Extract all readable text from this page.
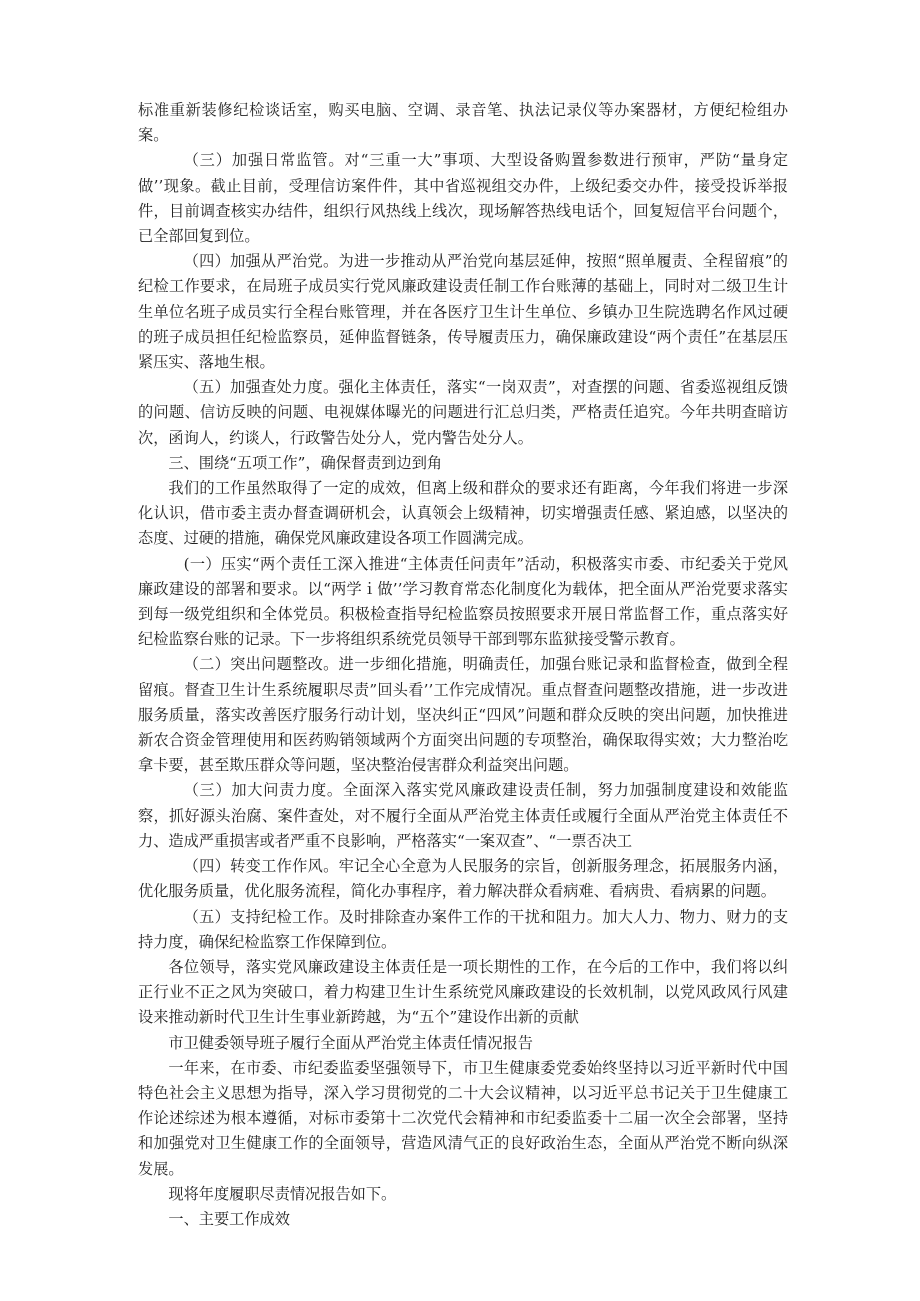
标准重新装修纪检谈话室，购买电脑、空调、录音笔、执法记录仪等办案器材，方便纪检组办案。

（三）加强日常监管。对“三重一大”事项、大型设备购置参数进行预审，严防“量身定做’’现象。截止目前，受理信访案件件，其中省巡视组交办件，上级纪委交办件，接受投诉举报件，目前调查核实办结件，组织行风热线上线次，现场解答热线电话个，回复短信平台问题个，已全部回复到位。

（四）加强从严治党。为进一步推动从严治党向基层延伸，按照“照单履责、全程留痕”的纪检工作要求，在局班子成员实行党风廉政建设责任制工作台账薄的基础上，同时对二级卫生计生单位名班子成员实行全程台账管理，并在各医疗卫生计生单位、乡镇办卫生院选聘名作风过硬的班子成员担任纪检监察员，延伸监督链条，传导履责压力，确保廉政建设“两个责任”在基层压紧压实、落地生根。

（五）加强查处力度。强化主体责任，落实“一岗双责”，对查摆的问题、省委巡视组反馈的问题、信访反映的问题、电视媒体曝光的问题进行汇总归类，严格责任追究。今年共明查暗访次，函询人，约谈人，行政警告处分人，党内警告处分人。

三、围绕“五项工作”，确保督责到边到角

我们的工作虽然取得了一定的成效，但离上级和群众的要求还有距离，今年我们将进一步深化认识，借市委主责办督查调研机会，认真领会上级精神，切实增强责任感、紧迫感，以坚决的态度、过硬的措施，确保党风廉政建设各项工作圆满完成。

(一）压实“两个责任工深入推进“主体责任问责年”活动，积极落实市委、市纪委关于党风廉政建设的部署和要求。以“两学ｉ做’’学习教育常态化制度化为载体，把全面从严治党要求落实到每一级党组织和全体党员。积极检查指导纪检监察员按照要求开展日常监督工作，重点落实好纪检监察台账的记录。下一步将组织系统党员领导干部到鄂东监狱接受警示教育。

（二）突出问题整改。进一步细化措施，明确责任，加强台账记录和监督检查，做到全程留痕。督查卫生计生系统履职尽责”回头看’’工作完成情况。重点督查问题整改措施，进一步改进服务质量，落实改善医疗服务行动计划，坚决纠正“四风”问题和群众反映的突出问题，加快推进新农合资金管理使用和医药购销领域两个方面突出问题的专项整治，确保取得实效；大力整治吃拿卡要，甚至欺压群众等问题，坚决整治侵害群众利益突出问题。

（三）加大问责力度。全面深入落实党风廉政建设责任制，努力加强制度建设和效能监察，抓好源头治腐、案件查处，对不履行全面从严治党主体责任或履行全面从严治党主体责任不力、造成严重损害或者严重不良影响，严格落实“一案双查”、“一票否决工

（四）转变工作作风。牢记全心全意为人民服务的宗旨，创新服务理念，拓展服务内涵，优化服务质量，优化服务流程，简化办事程序，着力解决群众看病难、看病贵、看病累的问题。

（五）支持纪检工作。及时排除查办案件工作的干扰和阻力。加大人力、物力、财力的支持力度，确保纪检监察工作保障到位。

各位领导，落实党风廉政建设主体责任是一项长期性的工作，在今后的工作中，我们将以纠正行业不正之风为突破口，着力构建卫生计生系统党风廉政建设的长效机制，以党风政风行风建设来推动新时代卫生计生事业新跨越，为“五个”建设作出新的贡献

市卫健委领导班子履行全面从严治党主体责任情况报告

一年来，在市委、市纪委监委坚强领导下，市卫生健康委党委始终坚持以习近平新时代中国特色社会主义思想为指导，深入学习贯彻党的二十大会议精神，以习近平总书记关于卫生健康工作论述综述为根本遵循，对标市委第十二次党代会精神和市纪委监委十二届一次全会部署，坚持和加强党对卫生健康工作的全面领导，营造风清气正的良好政治生态，全面从严治党不断向纵深发展。

现将年度履职尽责情况报告如下。

一、主要工作成效
